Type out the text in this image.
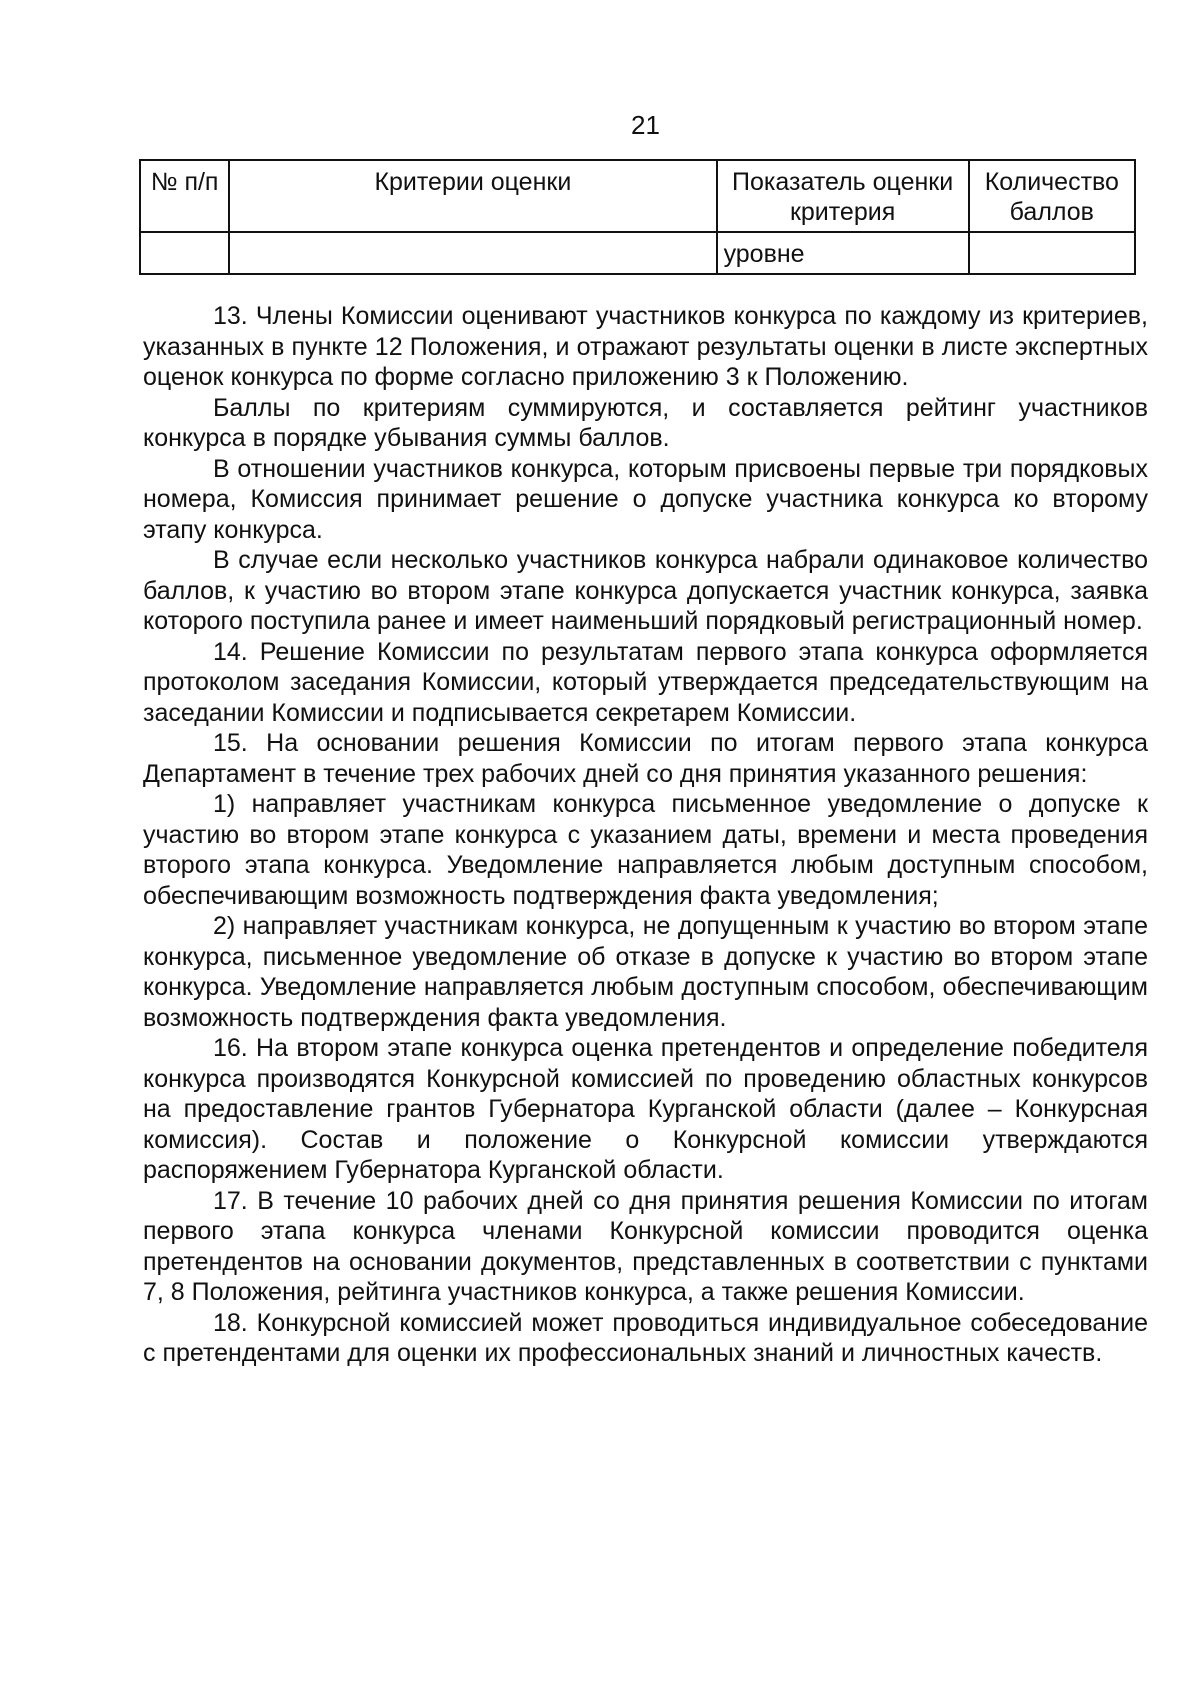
21
№ п/п	Критерии оценки	Показатель оценки критерия	Количество баллов
		уровне	

13. Члены Комиссии оценивают участников конкурса по каждому из критериев, указанных в пункте 12 Положения, и отражают результаты оценки в листе экспертных оценок конкурса по форме согласно приложению 3 к Положению.

Баллы по критериям суммируются, и составляется рейтинг участников конкурса в порядке убывания суммы баллов.

В отношении участников конкурса, которым присвоены первые три порядковых номера, Комиссия принимает решение о допуске участника конкурса ко второму этапу конкурса.

В случае если несколько участников конкурса набрали одинаковое количество баллов, к участию во втором этапе конкурса допускается участник конкурса, заявка которого поступила ранее и имеет наименьший порядковый регистрационный номер.

14. Решение Комиссии по результатам первого этапа конкурса оформляется протоколом заседания Комиссии, который утверждается председательствующим на заседании Комиссии и подписывается секретарем Комиссии.

15. На основании решения Комиссии по итогам первого этапа конкурса Департамент в течение трех рабочих дней со дня принятия указанного решения:

1) направляет участникам конкурса письменное уведомление о допуске к участию во втором этапе конкурса с указанием даты, времени и места проведения второго этапа конкурса. Уведомление направляется любым доступным способом, обеспечивающим возможность подтверждения факта уведомления;

2) направляет участникам конкурса, не допущенным к участию во втором этапе конкурса, письменное уведомление об отказе в допуске к участию во втором этапе конкурса. Уведомление направляется любым доступным способом, обеспечивающим возможность подтверждения факта уведомления.

16. На втором этапе конкурса оценка претендентов и определение победителя конкурса производятся Конкурсной комиссией по проведению областных конкурсов на предоставление грантов Губернатора Курганской области (далее – Конкурсная комиссия). Состав и положение о Конкурсной комиссии утверждаются распоряжением Губернатора Курганской области.

17. В течение 10 рабочих дней со дня принятия решения Комиссии по итогам первого этапа конкурса членами Конкурсной комиссии проводится оценка претендентов на основании документов, представленных в соответствии с пунктами 7, 8 Положения, рейтинга участников конкурса, а также решения Комиссии.

18. Конкурсной комиссией может проводиться индивидуальное собеседование с претендентами для оценки их профессиональных знаний и личностных качеств.
